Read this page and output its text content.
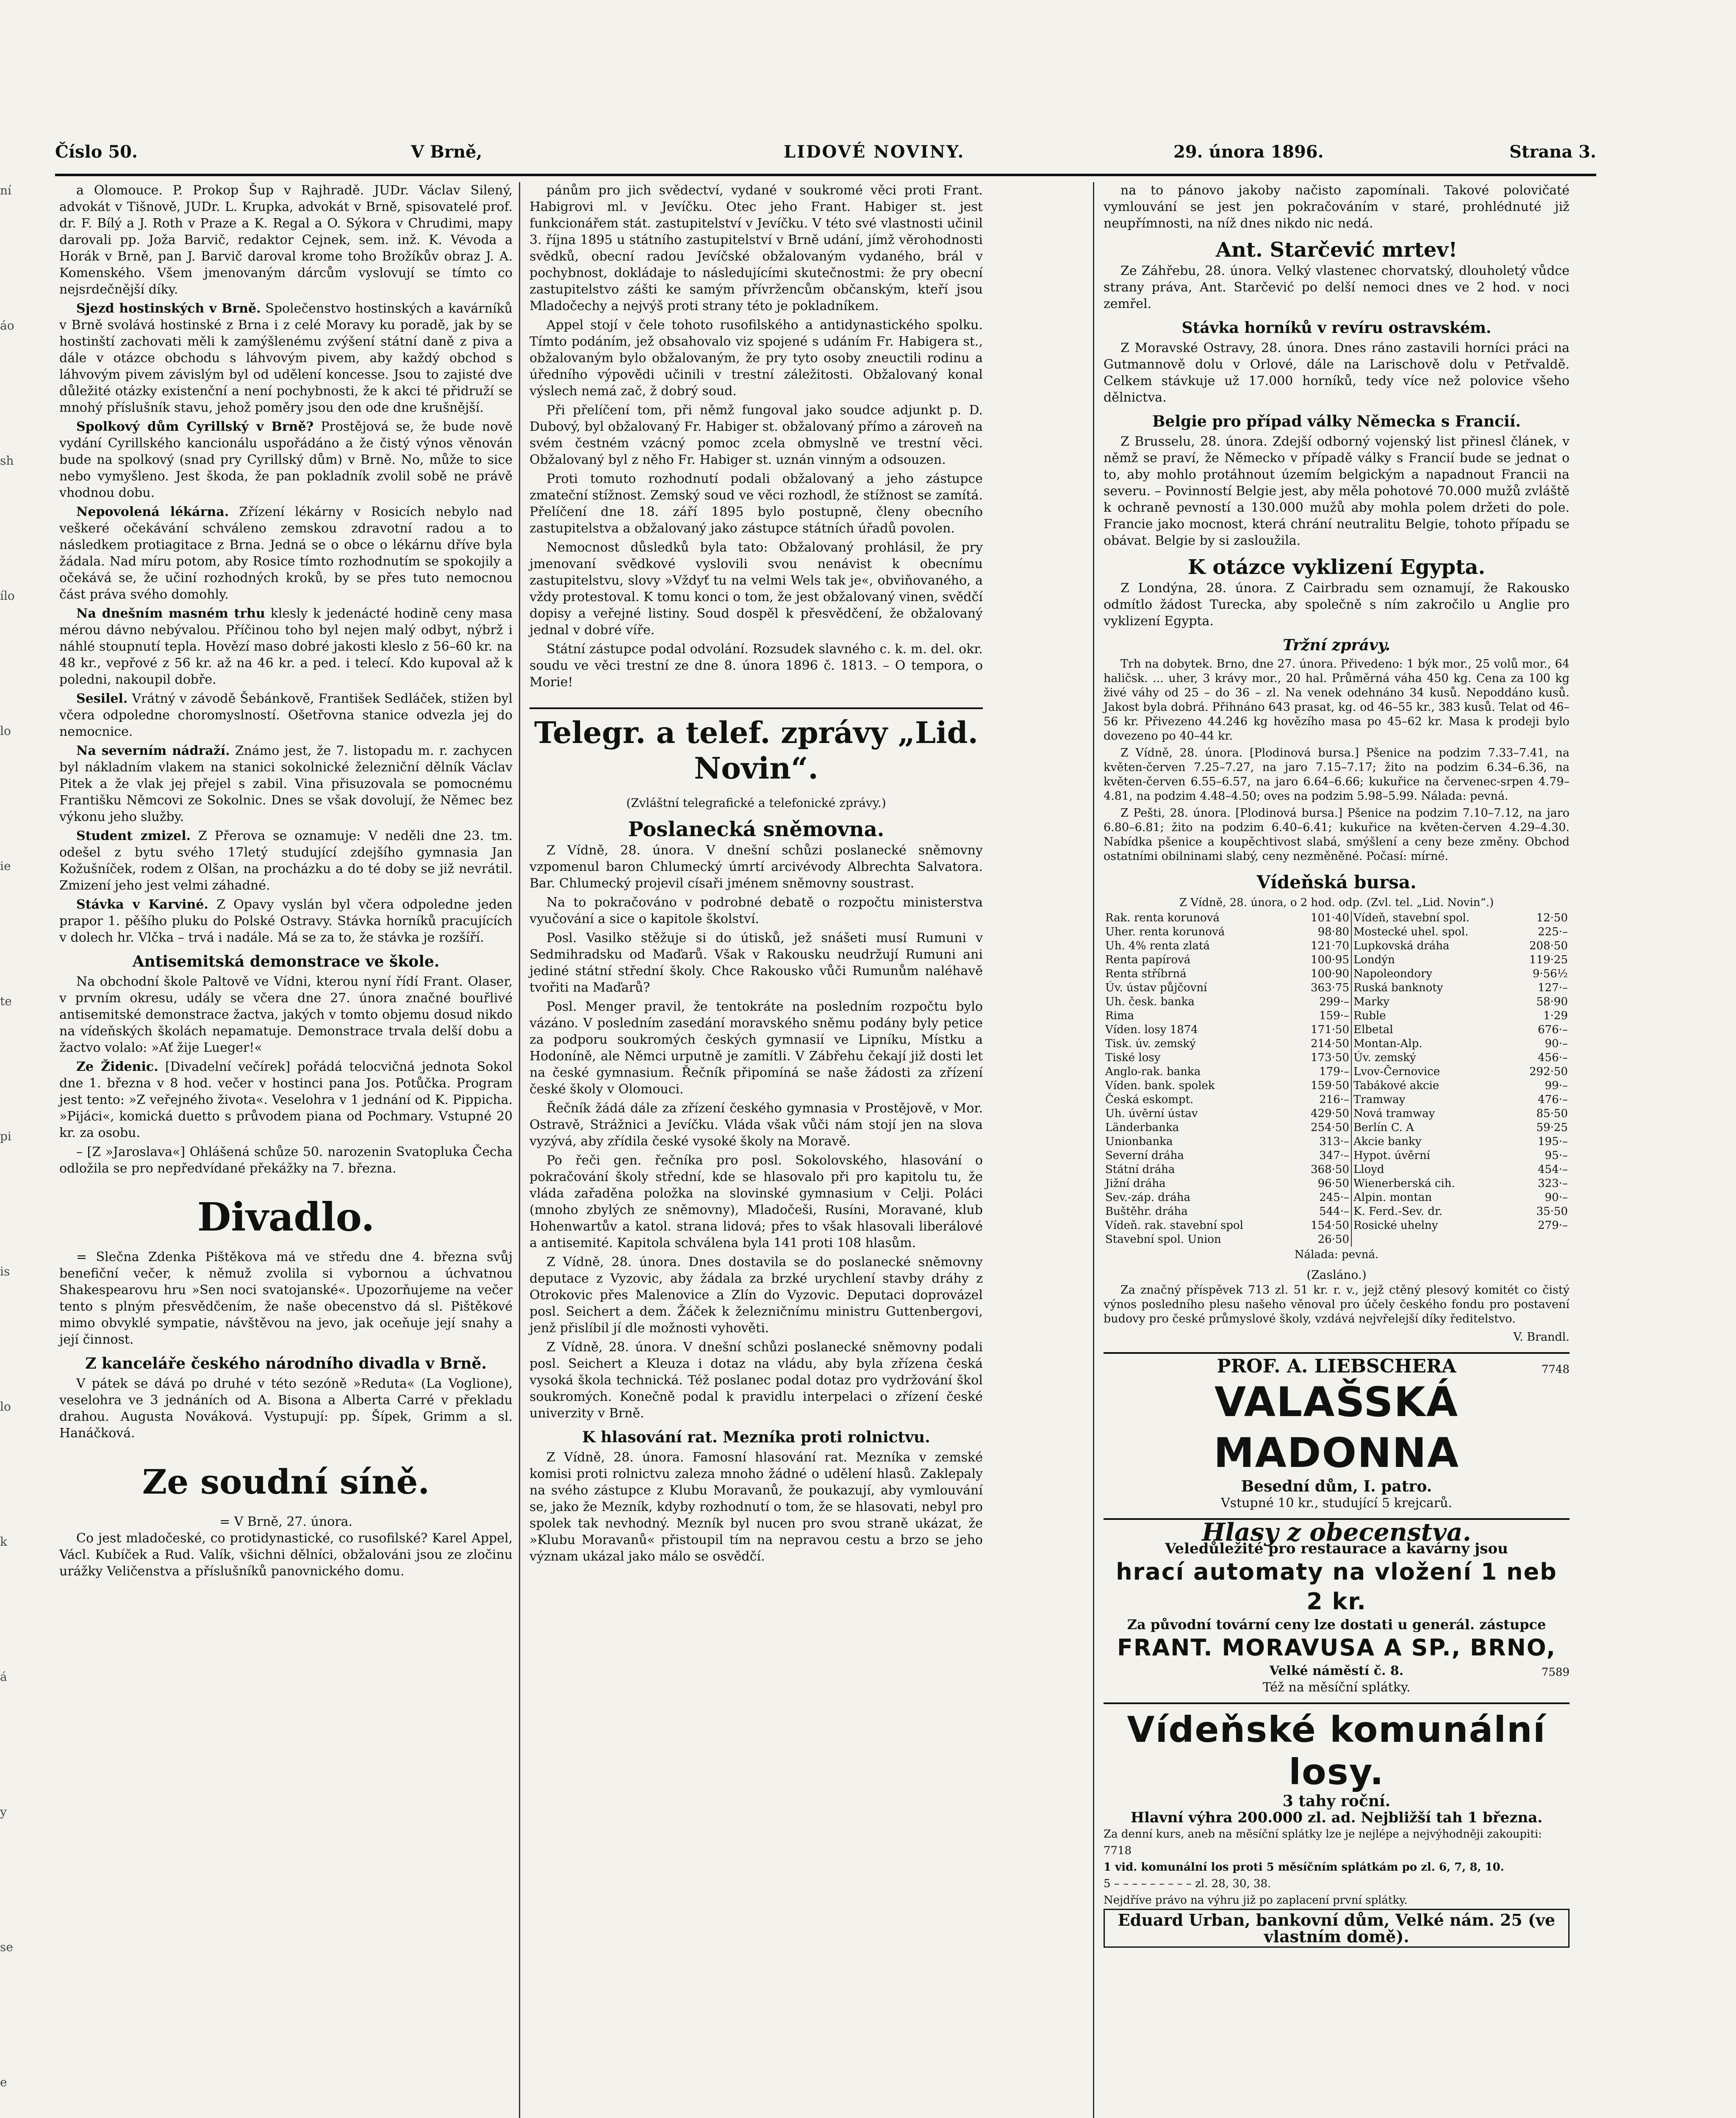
ní
áo
sh
ílo
lo
ie
te
pi
is
lo
k
á
y
se
e
Číslo 50.	V Brně,	LIDOVÉ NOVINY.	29. února 1896.	Strana 3.

a Olomouce. P. Prokop Šup v Rajhradě. JUDr. Václav Silený, advokát v Tišnově, JUDr. L. Krupka, advokát v Brně, spisovatelé prof. dr. F. Bílý a J. Roth v Praze a K. Regal a O. Sýkora v Chrudimi, mapy darovali pp. Joža Barvič, redaktor Cejnek, sem. inž. K. Vévoda a Horák v Brně, pan J. Barvič daroval krome toho Brožíkův obraz J. A. Komenského. Všem jmenovaným dárcům vyslovují se tímto co nejsrdečnější díky.

Sjezd hostinských v Brně. Společenstvo hostinských a kavárníků v Brně svolává hostinské z Brna i z celé Moravy ku poradě, jak by se hostinští zachovati měli k zamýšlenému zvýšení státní daně z piva a dále v otázce obchodu s láhvovým pivem, aby každý obchod s láhvovým pivem závislým byl od udělení koncesse. Jsou to zajisté dve důležité otázky existenční a není pochybnosti, že k akci té přidruží se mnohý příslušník stavu, jehož poměry jsou den ode dne krušnější.

Spolkový dům Cyrillský v Brně? Prostějová se, že bude nově vydání Cyrillského kancionálu uspořádáno a že čistý výnos věnován bude na spolkový (snad pry Cyrillský dům) v Brně. No, může to sice nebo vymyšleno. Jest škoda, že pan pokladník zvolil sobě ne právě vhodnou dobu.

Nepovolená lékárna. Zřízení lékárny v Rosicích nebylo nad veškeré očekávání schváleno zemskou zdravotní radou a to následkem protiagitace z Brna. Jedná se o obce o lékárnu dříve byla žádala. Nad míru potom, aby Rosice tímto rozhodnutím se spokojily a očekává se, že učiní rozhodných kroků, by se přes tuto nemocnou část práva svého domohly.

Na dnešním masném trhu klesly k jedenácté hodině ceny masa mérou dávno nebývalou. Příčinou toho byl nejen malý odbyt, nýbrž i náhlé stoupnutí tepla. Hovězí maso dobré jakosti kleslo z 56–60 kr. na 48 kr., vepřové z 56 kr. až na 46 kr. a ped. i telecí. Kdo kupoval až k poledni, nakoupil dobře.

Sesilel. Vrátný v závodě Šebánkově, František Sedláček, stižen byl včera odpoledne choromyslností. Ošetřovna stanice odvezla jej do nemocnice.

Na severním nádraží. Známo jest, že 7. listopadu m. r. zachycen byl nákladním vlakem na stanici sokolnické železniční dělník Václav Pitek a že vlak jej přejel s zabil. Vina přisuzovala se pomocnému Františku Němcovi ze Sokolnic. Dnes se však dovolují, že Němec bez výkonu jeho služby.

Student zmizel. Z Přerova se oznamuje: V neděli dne 23. tm. odešel z bytu svého 17letý studující zdejšího gymnasia Jan Kožušníček, rodem z Olšan, na procházku a do té doby se již nevrátil. Zmizení jeho jest velmi záhadné.

Stávka v Karviné. Z Opavy vyslán byl včera odpoledne jeden prapor 1. pěšího pluku do Polské Ostravy. Stávka horníků pracujících v dolech hr. Vlčka – trvá i nadále. Má se za to, že stávka je rozšíří.

Antisemitská demonstrace ve škole.

Na obchodní škole Paltově ve Vídni, kterou nyní řídí Frant. Olaser, v prvním okresu, udály se včera dne 27. února značné bouřlivé antisemitské demonstrace žactva, jakých v tomto objemu dosud nikdo na vídeňských školách nepamatuje. Demonstrace trvala delší dobu a žactvo volalo: »Ať žije Lueger!«

Ze Židenic. [Divadelní večírek] pořádá telocvičná jednota Sokol dne 1. března v 8 hod. večer v hostinci pana Jos. Potůčka. Program jest tento: »Z veřejného života«. Veselohra v 1 jednání od K. Pippicha. »Pijáci«, komická duetto s průvodem piana od Pochmary. Vstupné 20 kr. za osobu.

– [Z »Jaroslava«] Ohlášená schůze 50. narozenin Svatopluka Čecha odložila se pro nepředvídané překážky na 7. března.

Divadlo.

= Slečna Zdenka Pištěkova má ve středu dne 4. března svůj benefiční večer, k němuž zvolila si vybornou a úchvatnou Shakespearovu hru »Sen noci svatojanské«. Upozorňujeme na večer tento s plným přesvědčením, že naše obecenstvo dá sl. Pištěkové mimo obvyklé sympatie, návštěvou na jevo, jak oceňuje její snahy a její činnost.

Z kanceláře českého národního divadla v Brně.

V pátek se dává po druhé v této sezóně »Reduta« (La Voglione), veselohra ve 3 jednáních od A. Bisona a Alberta Carré v překladu drahou. Augusta Nováková. Vystupují: pp. Šípek, Grimm a sl. Hanáčková.

Ze soudní síně.
= V Brně, 27. února.

Co jest mladočeské, co protidynastické, co rusofilské? Karel Appel, Václ. Kubíček a Rud. Valík, všichni dělníci, obžalováni jsou ze zločinu urážky Veličenstva a příslušníků panovnického domu.

pánům pro jich svědectví, vydané v soukromé věci proti Frant. Habigrovi ml. v Jevíčku. Otec jeho Frant. Habiger st. jest funkcionářem stát. zastupitelství v Jevíčku. V této své vlastnosti učinil 3. října 1895 u státního zastupitelství v Brně udání, jímž věrohodnosti svědků, obecní radou Jevíčské obžalovaným vydaného, brál v pochybnost, dokládaje to následujícími skutečnostmi: že pry obecní zastupitelstvo zášti ke samým přívržencům občanským, kteří jsou Mladočechy a nejvýš proti strany této je pokladníkem.

Appel stojí v čele tohoto rusofilského a antidynastického spolku. Tímto podáním, jež obsahovalo viz spojené s udáním Fr. Habigera st., obžalovaným bylo obžalovaným, že pry tyto osoby zneuctili rodinu a úředního výpovědi učinili v trestní záležitosti. Obžalovaný konal výslech nemá zač, ž dobrý soud.

Při přelíčení tom, při němž fungoval jako soudce adjunkt p. D. Dubový, byl obžalovaný Fr. Habiger st. obžalovaný přímo a zároveň na svém čestném vzácný pomoc zcela obmyslně ve trestní věci. Obžalovaný byl z něho Fr. Habiger st. uznán vinným a odsouzen.

Proti tomuto rozhodnutí podali obžalovaný a jeho zástupce zmateční stížnost. Zemský soud ve věci rozhodl, že stížnost se zamítá. Přelíčení dne 18. září 1895 bylo postupně, členy obecního zastupitelstva a obžalovaný jako zástupce státních úřadů povolen.

Nemocnost důsledků byla tato: Obžalovaný prohlásil, že pry jmenovaní svědkové vyslovili svou nenávist k obecnímu zastupitelstvu, slovy »Vždyť tu na velmi Wels tak je«, obviňovaného, a vždy protestoval. K tomu konci o tom, že jest obžalovaný vinen, svědčí dopisy a veřejné listiny. Soud dospěl k přesvědčení, že obžalovaný jednal v dobré víře.

Státní zástupce podal odvolání. Rozsudek slavného c. k. m. del. okr. soudu ve věci trestní ze dne 8. února 1896 č. 1813. – O tempora, o Morie!

Telegr. a telef. zprávy „Lid. Novin“.
(Zvláštní telegrafické a telefonické zprávy.)
Poslanecká sněmovna.

Z Vídně, 28. února. V dnešní schůzi poslanecké sněmovny vzpomenul baron Chlumecký úmrtí arcivévody Albrechta Salvatora. Bar. Chlumecký projevil císaři jménem sněmovny soustrast.

Na to pokračováno v podrobné debatě o rozpočtu ministerstva vyučování a sice o kapitole školství.

Posl. Vasilko stěžuje si do útisků, jež snášeti musí Rumuni v Sedmihradsku od Maďarů. Však v Rakousku neudržují Rumuni ani jediné státní střední školy. Chce Rakousko vůči Rumunům naléhavě tvořiti na Maďarů?

Posl. Menger pravil, že tentokráte na posledním rozpočtu bylo vázáno. V posledním zasedání moravského sněmu podány byly petice za podporu soukromých českých gymnasií ve Lipníku, Místku a Hodoníně, ale Němci urputně je zamítli. V Zábřehu čekají již dosti let na české gymnasium. Řečník připomíná se naše žádosti za zřízení české školy v Olomouci.

Řečník žádá dále za zřízení českého gymnasia v Prostějově, v Mor. Ostravě, Strážnici a Jevíčku. Vláda však vůči nám stojí jen na slova vyzývá, aby zřídila české vysoké školy na Moravě.

Po řeči gen. řečníka pro posl. Sokolovského, hlasování o pokračování školy střední, kde se hlasovalo při pro kapitolu tu, že vláda zařaděna položka na slovinské gymnasium v Celji. Poláci (mnoho zbylých ze sněmovny), Mladočeši, Rusíni, Moravané, klub Hohenwartův a katol. strana lidová; přes to však hlasovali liberálové a antisemité. Kapitola schválena byla 141 proti 108 hlasům.

Z Vídně, 28. února. Dnes dostavila se do poslanecké sněmovny deputace z Vyzovic, aby žádala za brzké urychlení stavby dráhy z Otrokovic přes Malenovice a Zlín do Vyzovic. Deputaci doprovázel posl. Seichert a dem. Žáček k železničnímu ministru Guttenbergovi, jenž přislíbil jí dle možnosti vyhověti.

Z Vídně, 28. února. V dnešní schůzi poslanecké sněmovny podali posl. Seichert a Kleuza i dotaz na vládu, aby byla zřízena česká vysoká škola technická. Též poslanec podal dotaz pro vydržování škol soukromých. Konečně podal k pravidlu interpelaci o zřízení české univerzity v Brně.

K hlasování rat. Mezníka proti rolnictvu.

Z Vídně, 28. února. Famosní hlasování rat. Mezníka v zemské komisi proti rolnictvu zaleza mnoho žádné o udělení hlasů. Zaklepaly na svého zástupce z Klubu Moravanů, že poukazují, aby vymlouvání se, jako že Mezník, kdyby rozhodnutí o tom, že se hlasovati, nebyl pro spolek tak nevhodný. Mezník byl nucen pro svou straně ukázat, že »Klubu Moravanů« přistoupil tím na nepravou cestu a brzo se jeho význam ukázal jako málo se osvědčí.

na to pánovo jakoby načisto zapomínali. Takové polovičaté vymlouvání se jest jen pokračováním v staré, prohlédnuté již neupřímnosti, na níž dnes nikdo nic nedá.

Ant. Starčević mrtev!

Ze Záhřebu, 28. února. Velký vlastenec chorvatský, dlouholetý vůdce strany práva, Ant. Starčević po delší nemoci dnes ve 2 hod. v noci zemřel.

Stávka horníků v revíru ostravském.

Z Moravské Ostravy, 28. února. Dnes ráno zastavili horníci práci na Gutmannově dolu v Orlové, dále na Larischově dolu v Petřvaldě. Celkem stávkuje už 17.000 horníků, tedy více než polovice všeho dělnictva.

Belgie pro případ války Německa s Francií.

Z Brusselu, 28. února. Zdejší odborný vojenský list přinesl článek, v němž se praví, že Německo v případě války s Francií bude se jednat o to, aby mohlo protáhnout územím belgickým a napadnout Francii na severu. – Povinností Belgie jest, aby měla pohotové 70.000 mužů zvláště k ochraně pevností a 130.000 mužů aby mohla polem držeti do pole. Francie jako mocnost, která chrání neutralitu Belgie, tohoto případu se obávat. Belgie by si zasloužila.

K otázce vyklizení Egypta.

Z Londýna, 28. února. Z Cairbradu sem oznamují, že Rakousko odmítlo žádost Turecka, aby společně s ním zakročilo u Anglie pro vyklizení Egypta.

Tržní zprávy.

Trh na dobytek. Brno, dne 27. února. Přivedeno: 1 býk mor., 25 volů mor., 64 haličsk. ... uher, 3 krávy mor., 20 hal. Průměrná váha 450 kg. Cena za 100 kg živé váhy od 25 – do 36 – zl. Na venek odehnáno 34 kusů. Nepoddáno kusů. Jakost byla dobrá. Přihnáno 643 prasat, kg. od 46–55 kr., 383 kusů. Telat od 46–56 kr. Přivezeno 44.246 kg hovězího masa po 45–62 kr. Masa k prodeji bylo dovezeno po 40–44 kr.

Z Vídně, 28. února. [Plodinová bursa.] Pšenice na podzim 7.33–7.41, na květen-červen 7.25–7.27, na jaro 7.15–7.17; žito na podzim 6.34–6.36, na květen-červen 6.55–6.57, na jaro 6.64–6.66; kukuřice na červenec-srpen 4.79–4.81, na podzim 4.48–4.50; oves na podzim 5.98–5.99. Nálada: pevná.

Z Pešti, 28. února. [Plodinová bursa.] Pšenice na podzim 7.10–7.12, na jaro 6.80–6.81; žito na podzim 6.40–6.41; kukuřice na květen-červen 4.29–4.30. Nabídka pšenice a koupěchtivost slabá, smýšlení a ceny beze změny. Obchod ostatními obilninami slabý, ceny nezměněné. Počasí: mírné.

Vídeňská bursa.
Z Vídně, 28. února, o 2 hod. odp. (Zvl. tel. „Lid. Novin“.)
Rak. renta korunová	101·40	Vídeň, stavební spol.	12·50
Uher. renta korunová	98·80	Mostecké uhel. spol.	225·–
Uh. 4% renta zlatá	121·70	Lupkovská dráha	208·50
Renta papírová	100·95	Londýn	119·25
Renta stříbrná	100·90	Napoleondory	9·56½
Úv. ústav půjčovní	363·75	Ruská banknoty	127·–
Uh. česk. banka	299·–	Marky	58·90
Rima	159·–	Ruble	1·29
Víden. losy 1874	171·50	Elbetal	676·–
Tisk. úv. zemský	214·50	Montan-Alp.	90·–
Tiské losy	173·50	Úv. zemský	456·–
Anglo-rak. banka	179·–	Lvov-Černovice	292·50
Víden. bank. spolek	159·50	Tabákové akcie	99·–
Česká eskompt.	216·–	Tramway	476·–
Uh. úvěrní ústav	429·50	Nová tramway	85·50
Länderbanka	254·50	Berlín C. A	59·25
Unionbanka	313·–	Akcie banky	195·–
Severní dráha	347·–	Hypot. úvěrní	95·–
Státní dráha	368·50	Lloyd	454·–
Jižní dráha	96·50	Wienerberská cih.	323·–
Sev.-záp. dráha	245·–	Alpin. montan	90·–
Buštěhr. dráha	544·–	K. Ferd.-Sev. dr.	35·50
Vídeň. rak. stavební spol	154·50	Rosické uhelny	279·–
Stavební spol. Union	26·50		
Nálada: pevná.
(Zasláno.)

Za značný příspěvek 713 zl. 51 kr. r. v., jejž ctěný plesový komitét co čistý výnos posledního plesu našeho věnoval pro účely českého fondu pro postavení budovy pro české průmyslové školy, vzdává nejvřelejší díky ředitelstvo.

V. Brandl.
PROF. A. LIEBSCHERA	7748
VALAŠSKÁ MADONNA
Besední dům, I. patro.
Vstupné 10 kr., studující 5 krejcarů.
Hlasy z obecenstva.
Veledůležité pro restaurace a kavárny jsou
hrací automaty na vložení 1 neb 2 kr.
Za původní tovární ceny lze dostati u generál. zástupce
FRANT. MORAVUSA A SP., BRNO,
Velké náměstí č. 8.	7589
Též na měsíční splátky.
Vídeňské komunální losy.
3 tahy roční.
Hlavní výhra 200.000 zl. ad. Nejbližší tah 1 března.
Za denní kurs, aneb na měsíční splátky lze je nejlépe a nejvýhodněji zakoupiti: 7718
1 vid. komunální los proti 5 měsíčním splátkám po zl. 6, 7, 8, 10.
5 – – – – – – – – – zl. 28, 30, 38.
Nejdříve právo na výhru již po zaplacení první splátky.
Eduard Urban, bankovní dům, Velké nám. 25 (ve vlastním domě).
